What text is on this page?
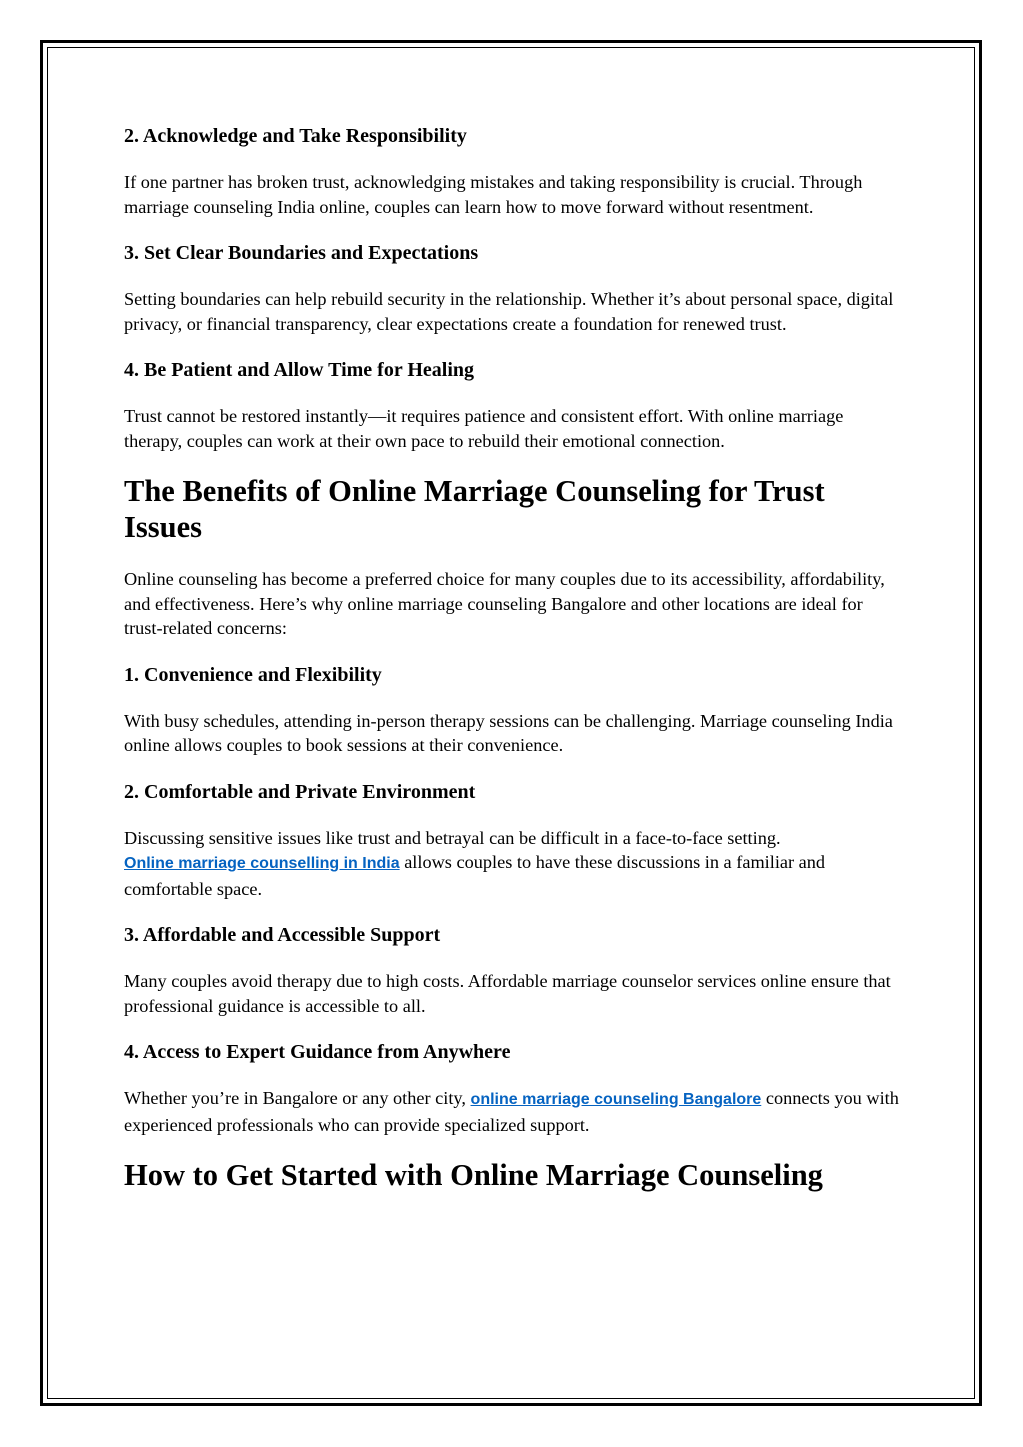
2. Acknowledge and Take Responsibility
If one partner has broken trust, acknowledging mistakes and taking responsibility is crucial. Through marriage counseling India online, couples can learn how to move forward without resentment.
3. Set Clear Boundaries and Expectations
Setting boundaries can help rebuild security in the relationship. Whether it’s about personal space, digital privacy, or financial transparency, clear expectations create a foundation for renewed trust.
4. Be Patient and Allow Time for Healing
Trust cannot be restored instantly—it requires patience and consistent effort. With online marriage therapy, couples can work at their own pace to rebuild their emotional connection.
The Benefits of Online Marriage Counseling for Trust Issues
Online counseling has become a preferred choice for many couples due to its accessibility, affordability, and effectiveness. Here’s why online marriage counseling Bangalore and other locations are ideal for trust-related concerns:
1. Convenience and Flexibility
With busy schedules, attending in-person therapy sessions can be challenging. Marriage counseling India online allows couples to book sessions at their convenience.
2. Comfortable and Private Environment
Discussing sensitive issues like trust and betrayal can be difficult in a face-to-face setting.
Online marriage counselling in India allows couples to have these discussions in a familiar and comfortable space.
3. Affordable and Accessible Support
Many couples avoid therapy due to high costs. Affordable marriage counselor services online ensure that professional guidance is accessible to all.
4. Access to Expert Guidance from Anywhere
Whether you’re in Bangalore or any other city, online marriage counseling Bangalore connects you with experienced professionals who can provide specialized support.
How to Get Started with Online Marriage Counseling
